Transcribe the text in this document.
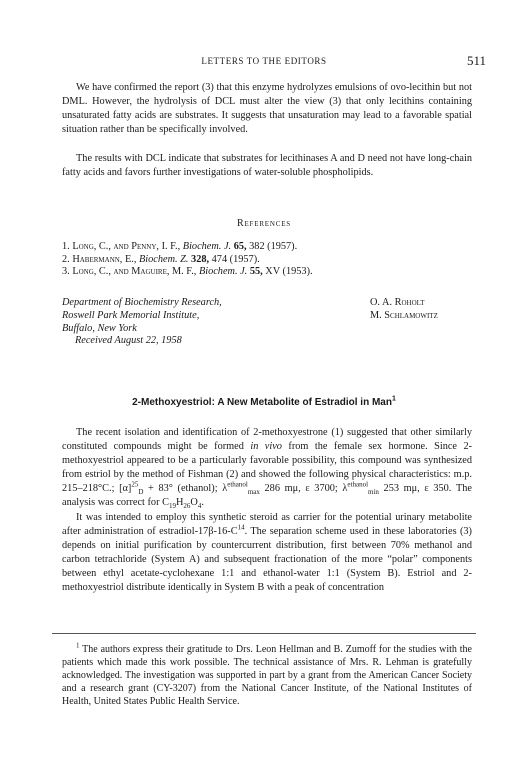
LETTERS TO THE EDITORS	511

We have confirmed the report (3) that this enzyme hydrolyzes emulsions of ovo-lecithin but not DML. However, the hydrolysis of DCL must alter the view (3) that only lecithins containing unsaturated fatty acids are substrates. It suggests that unsaturation may lead to a favorable spatial situation rather than be specifically involved.

The results with DCL indicate that substrates for lecithinases A and D need not have long-chain fatty acids and favors further investigations of water-soluble phospholipids.

References

1. Long, C., and Penny, I. F., Biochem. J. 65, 382 (1957).

2. Habermann, E., Biochem. Z. 328, 474 (1957).

3. Long, C., and Maguire, M. F., Biochem. J. 55, XV (1953).

Department of Biochemistry Research,
Roswell Park Memorial Institute,
Buffalo, New York
O. A. Roholt
M. Schlamowitz
Received August 22, 1958
2-Methoxyestriol: A New Metabolite of Estradiol in Man$^1$

The recent isolation and identification of 2-methoxyestrone (1) suggested that other similarly constituted compounds might be formed in vivo from the female sex hormone. Since 2-methoxyestriol appeared to be a particularly favorable possibility, this compound was synthesized from estriol by the method of Fishman (2) and showed the following physical characteristics: m.p. 215–218°C.; $[\alpha]^{25}_D + 83^\circ$ (ethanol); $\lambda^{ethanol}_{max}$ 286 mμ, ε 3700; $\lambda^{ethanol}_{min}$ 253 mμ, ε 350. The analysis was correct for $C_{19}H_{26}O_4$.

It was intended to employ this synthetic steroid as carrier for the potential urinary metabolite after administration of estradiol-$17\beta-16-C^{14}$. The separation scheme used in these laboratories (3) depends on initial purification by countercurrent distribution, first between 70% methanol and carbon tetrachloride (System A) and subsequent fractionation of the more “polar” components between ethyl acetate-cyclohexane 1:1 and ethanol-water 1:1 (System B). Estriol and 2-methoxyestriol distribute identically in System B with a peak of concentration

$^1$ The authors express their gratitude to Drs. Leon Hellman and B. Zumoff for the studies with the patients which made this work possible. The technical assistance of Mrs. R. Lehman is gratefully acknowledged. The investigation was supported in part by a grant from the American Cancer Society and a research grant (CY-3207) from the National Cancer Institute, of the National Institutes of Health, United States Public Health Service.
